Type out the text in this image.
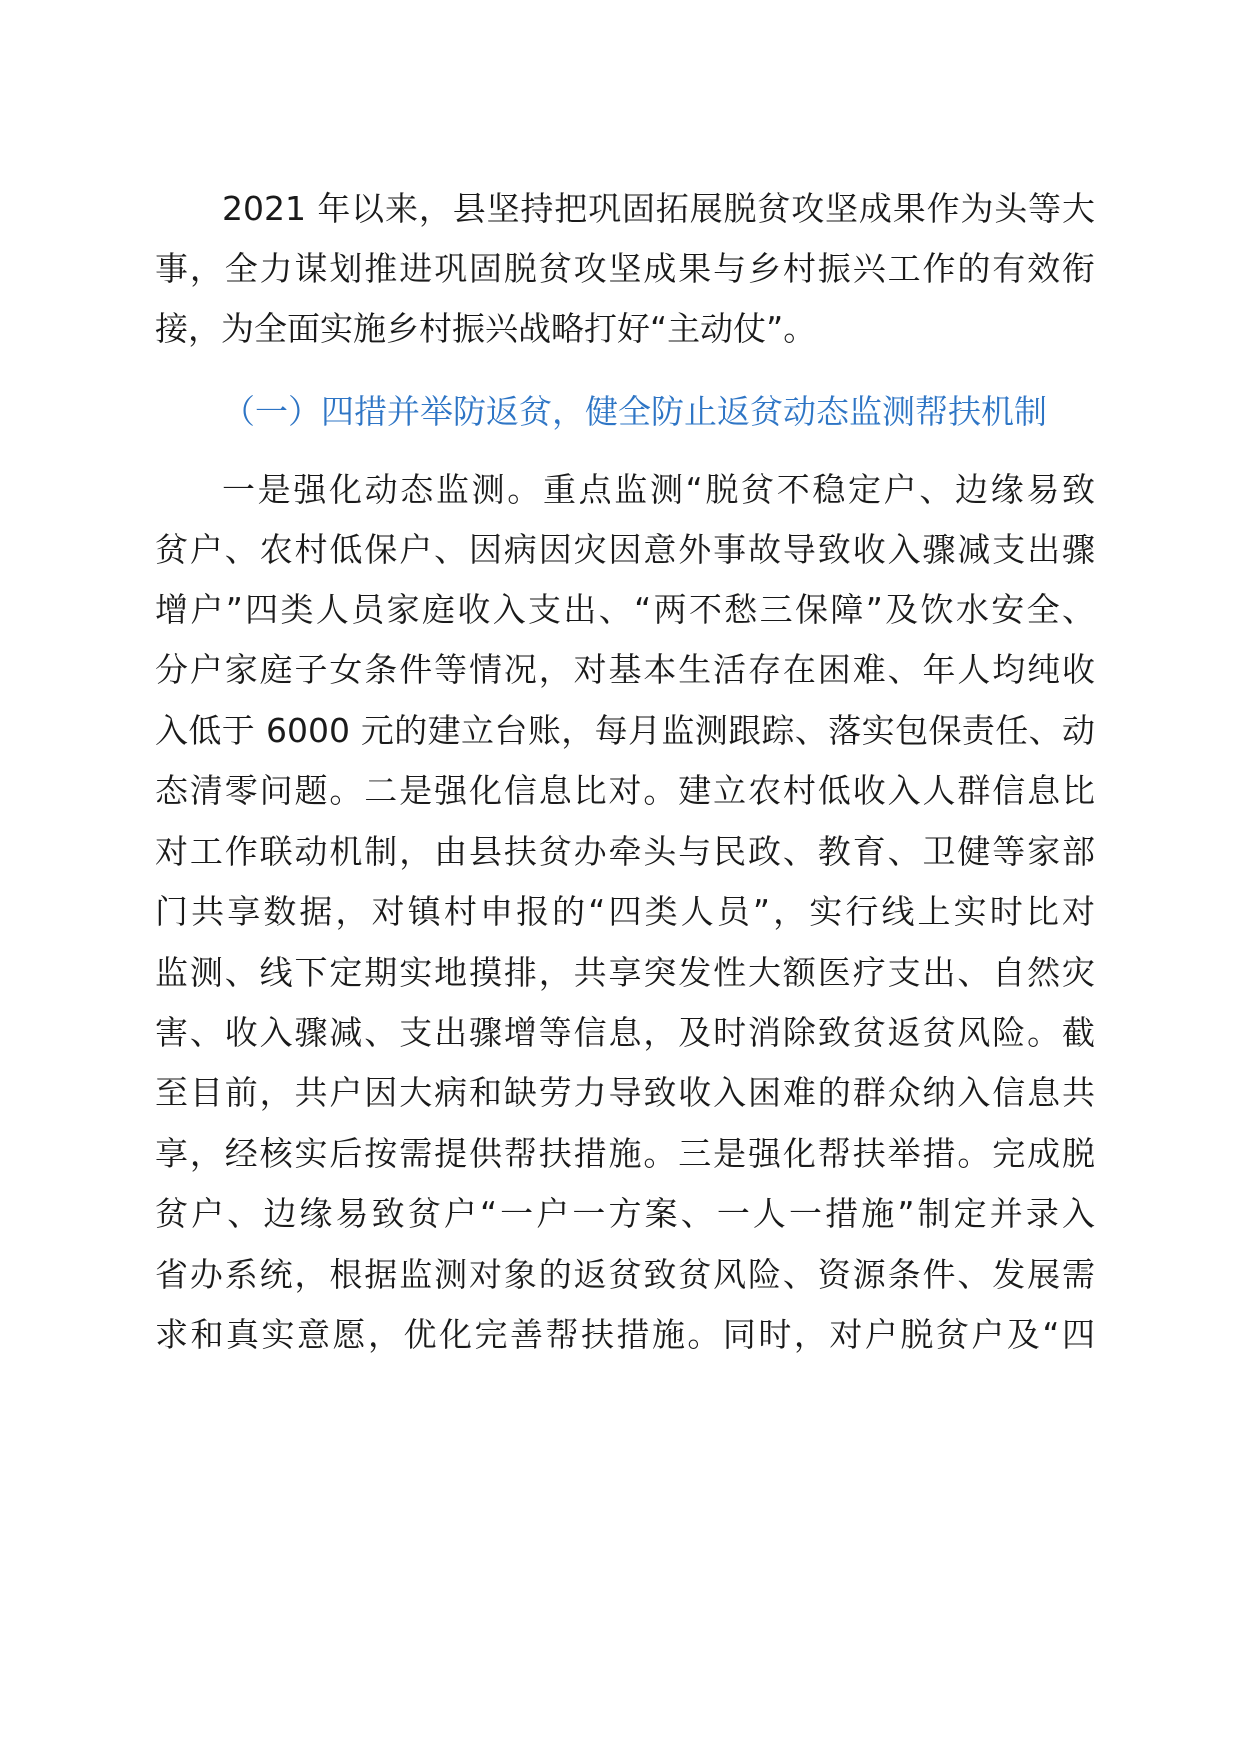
2021 年以来，县坚持把巩固拓展脱贫攻坚成果作为头等大
事，全力谋划推进巩固脱贫攻坚成果与乡村振兴工作的有效衔
接，为全面实施乡村振兴战略打好“主动仗”。
（一）四措并举防返贫，健全防止返贫动态监测帮扶机制
一是强化动态监测。重点监测“脱贫不稳定户、边缘易致
贫户、农村低保户、因病因灾因意外事故导致收入骤减支出骤
增户”四类人员家庭收入支出、“两不愁三保障”及饮水安全、
分户家庭子女条件等情况，对基本生活存在困难、年人均纯收
入低于 6000 元的建立台账，每月监测跟踪、落实包保责任、动
态清零问题。二是强化信息比对。建立农村低收入人群信息比
对工作联动机制，由县扶贫办牵头与民政、教育、卫健等家部
门共享数据，对镇村申报的“四类人员”，实行线上实时比对
监测、线下定期实地摸排，共享突发性大额医疗支出、自然灾
害、收入骤减、支出骤增等信息，及时消除致贫返贫风险。截
至目前，共户因大病和缺劳力导致收入困难的群众纳入信息共
享，经核实后按需提供帮扶措施。三是强化帮扶举措。完成脱
贫户、边缘易致贫户“一户一方案、一人一措施”制定并录入
省办系统，根据监测对象的返贫致贫风险、资源条件、发展需
求和真实意愿，优化完善帮扶措施。同时，对户脱贫户及“四
